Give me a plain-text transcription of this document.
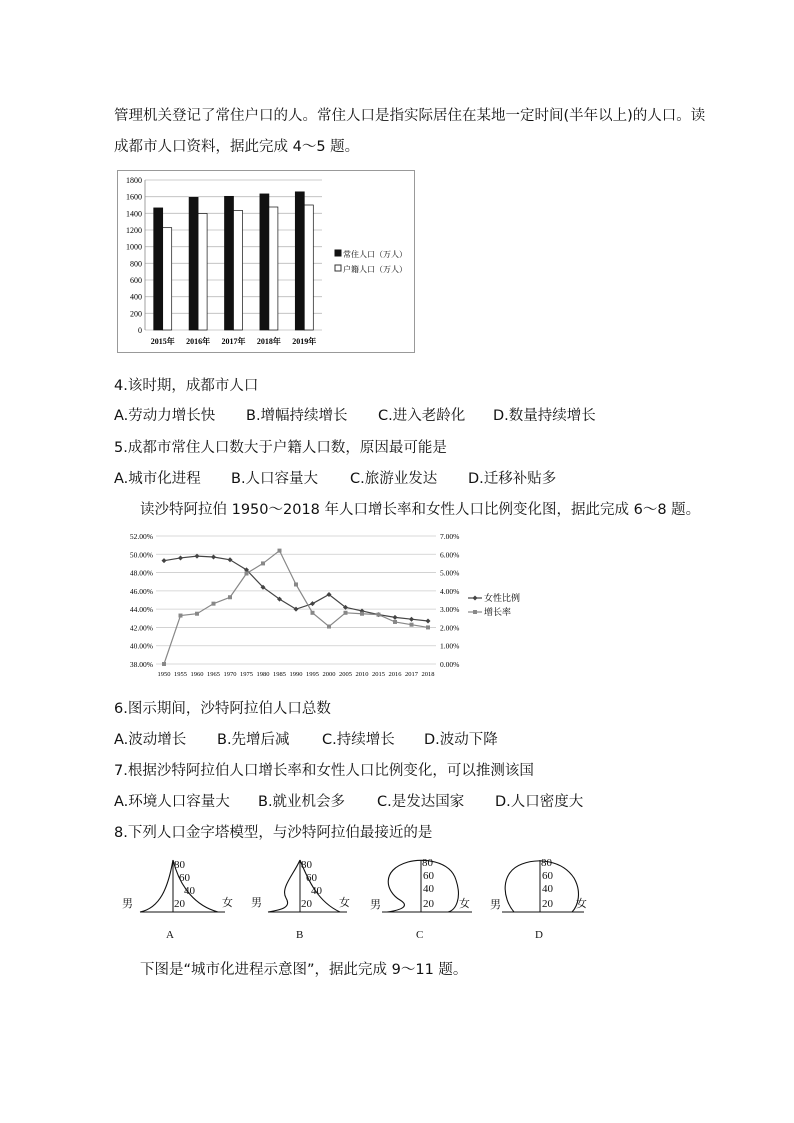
管理机关登记了常住户口的人。常住人口是指实际居住在某地一定时间(半年以上)的人口。读
成都市人口资料，据此完成 4～5 题。
0
200
400
600
800
1000
1200
1400
1600
1800
2015年 2016年 2017年 2018年 2019年
常住人口（万人）
户籍人口（万人）
4.该时期，成都市人口
A.劳动力增长快 B.增幅持续增长 C.进入老龄化 D.数量持续增长
5.成都市常住人口数大于户籍人口数，原因最可能是
A.城市化进程 B.人口容量大 C.旅游业发达 D.迁移补贴多
读沙特阿拉伯 1950～2018 年人口增长率和女性人口比例变化图，据此完成 6～8 题。
38.00%
40.00%
42.00%
44.00%
46.00%
48.00%
50.00%
52.00%
0.00%
1.00%
2.00%
3.00%
4.00%
5.00%
6.00%
7.00%
1950 1955 1960 1965 1970 1975 1980 1985 1990 1995 2000 2005 2010 2015 2016 2017 2018
女性比例
增长率
6.图示期间，沙特阿拉伯人口总数
A.波动增长 B.先增后减 C.持续增长 D.波动下降
7.根据沙特阿拉伯人口增长率和女性人口比例变化，可以推测该国
A.环境人口容量大 B.就业机会多 C.是发达国家 D.人口密度大
8.下列人口金字塔模型，与沙特阿拉伯最接近的是
80
60
40
20
男	女
A
80
60
40
20
男	女
B
80
60
40
20
男	女
C
80
60
40
20
男	女
D
下图是“城市化进程示意图”，据此完成 9～11 题。
